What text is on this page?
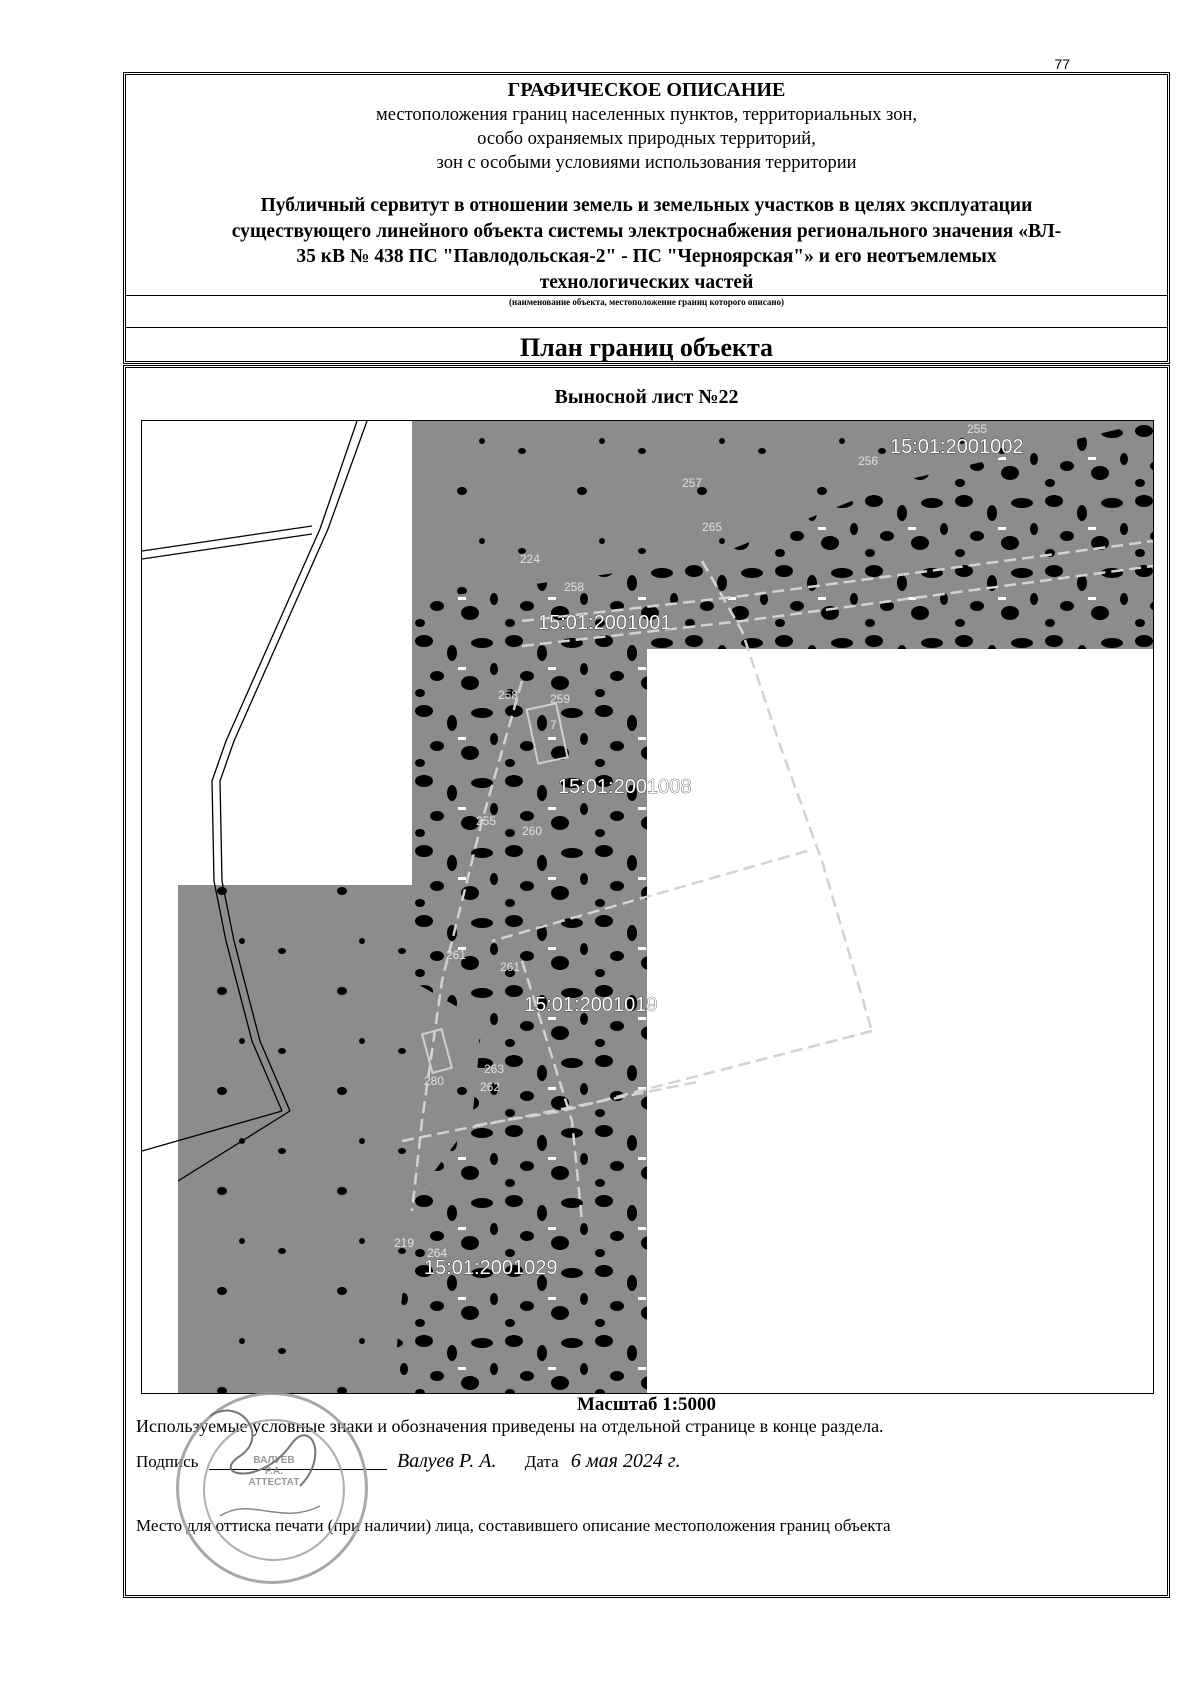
77
ГРАФИЧЕСКОЕ ОПИСАНИЕ
местоположения границ населенных пунктов, территориальных зон,
особо охраняемых природных территорий,
зон с особыми условиями использования территории
Публичный сервитут в отношении земель и земельных участков в целях эксплуатации
существующего линейного объекта системы электроснабжения регионального значения «ВЛ-
35 кВ № 438 ПС "Павлодольская-2" - ПС "Черноярская"» и его неотъемлемых
технологических частей
(наименование объекта, местоположение границ которого описано)
План границ объекта
Выносной лист №22
15:01:2001002
15:01:2001001
15:01:2001008
15:01:2001019
15:01:2001029
255
256
257
265
224
258
258	259
7
255
260
261
261
280
263
262
219
264
Масштаб 1:5000
Используемые условные знаки и обозначения приведены на отдельной странице в конце раздела.
Подпись	Валуев Р. А. Дата 6 мая 2024 г.
Место для оттиска печати (при наличии) лица, составившего описание местоположения границ объекта
ВАЛУЕВ
Р.А.
АТТЕСТАТ
